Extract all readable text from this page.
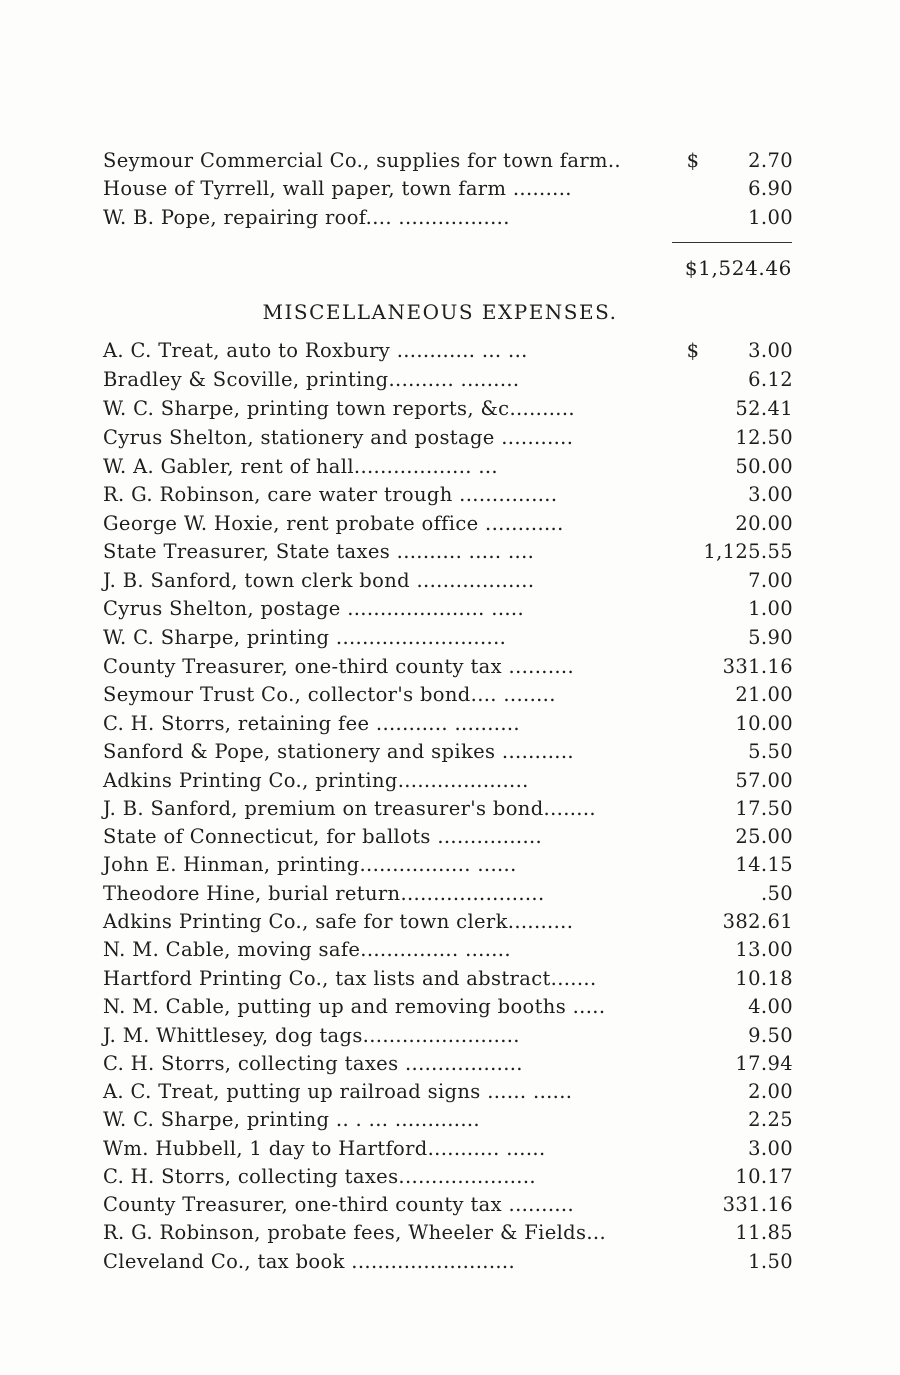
Seymour Commercial Co., supplies for town farm..	$	2.70
House of Tyrrell, wall paper, town farm .........	6.90
W. B. Pope, repairing roof.... .................	1.00
$1,524.46
MISCELLANEOUS EXPENSES.
A. C. Treat, auto to Roxbury ............ ... ...	$	3.00
Bradley & Scoville, printing.......... .........	6.12
W. C. Sharpe, printing town reports, &c..........	52.41
Cyrus Shelton, stationery and postage ...........	12.50
W. A. Gabler, rent of hall.................. ...	50.00
R. G. Robinson, care water trough ...............	3.00
George W. Hoxie, rent probate office ............	20.00
State Treasurer, State taxes .......... ..... ....	1,125.55
J. B. Sanford, town clerk bond ..................	7.00
Cyrus Shelton, postage ..................... .....	1.00
W. C. Sharpe, printing ..........................	5.90
County Treasurer, one-third county tax ..........	331.16
Seymour Trust Co., collector's bond.... ........	21.00
C. H. Storrs, retaining fee ........... ..........	10.00
Sanford & Pope, stationery and spikes ...........	5.50
Adkins Printing Co., printing....................	57.00
J. B. Sanford, premium on treasurer's bond........	17.50
State of Connecticut, for ballots ................	25.00
John E. Hinman, printing................. ......	14.15
Theodore Hine, burial return......................	.50
Adkins Printing Co., safe for town clerk..........	382.61
N. M. Cable, moving safe............... .......	13.00
Hartford Printing Co., tax lists and abstract.......	10.18
N. M. Cable, putting up and removing booths .....	4.00
J. M. Whittlesey, dog tags........................	9.50
C. H. Storrs, collecting taxes ..................	17.94
A. C. Treat, putting up railroad signs ...... ......	2.00
W. C. Sharpe, printing .. . ... .............	2.25
Wm. Hubbell, 1 day to Hartford........... ......	3.00
C. H. Storrs, collecting taxes.....................	10.17
County Treasurer, one-third county tax ..........	331.16
R. G. Robinson, probate fees, Wheeler & Fields...	11.85
Cleveland Co., tax book .........................	1.50
